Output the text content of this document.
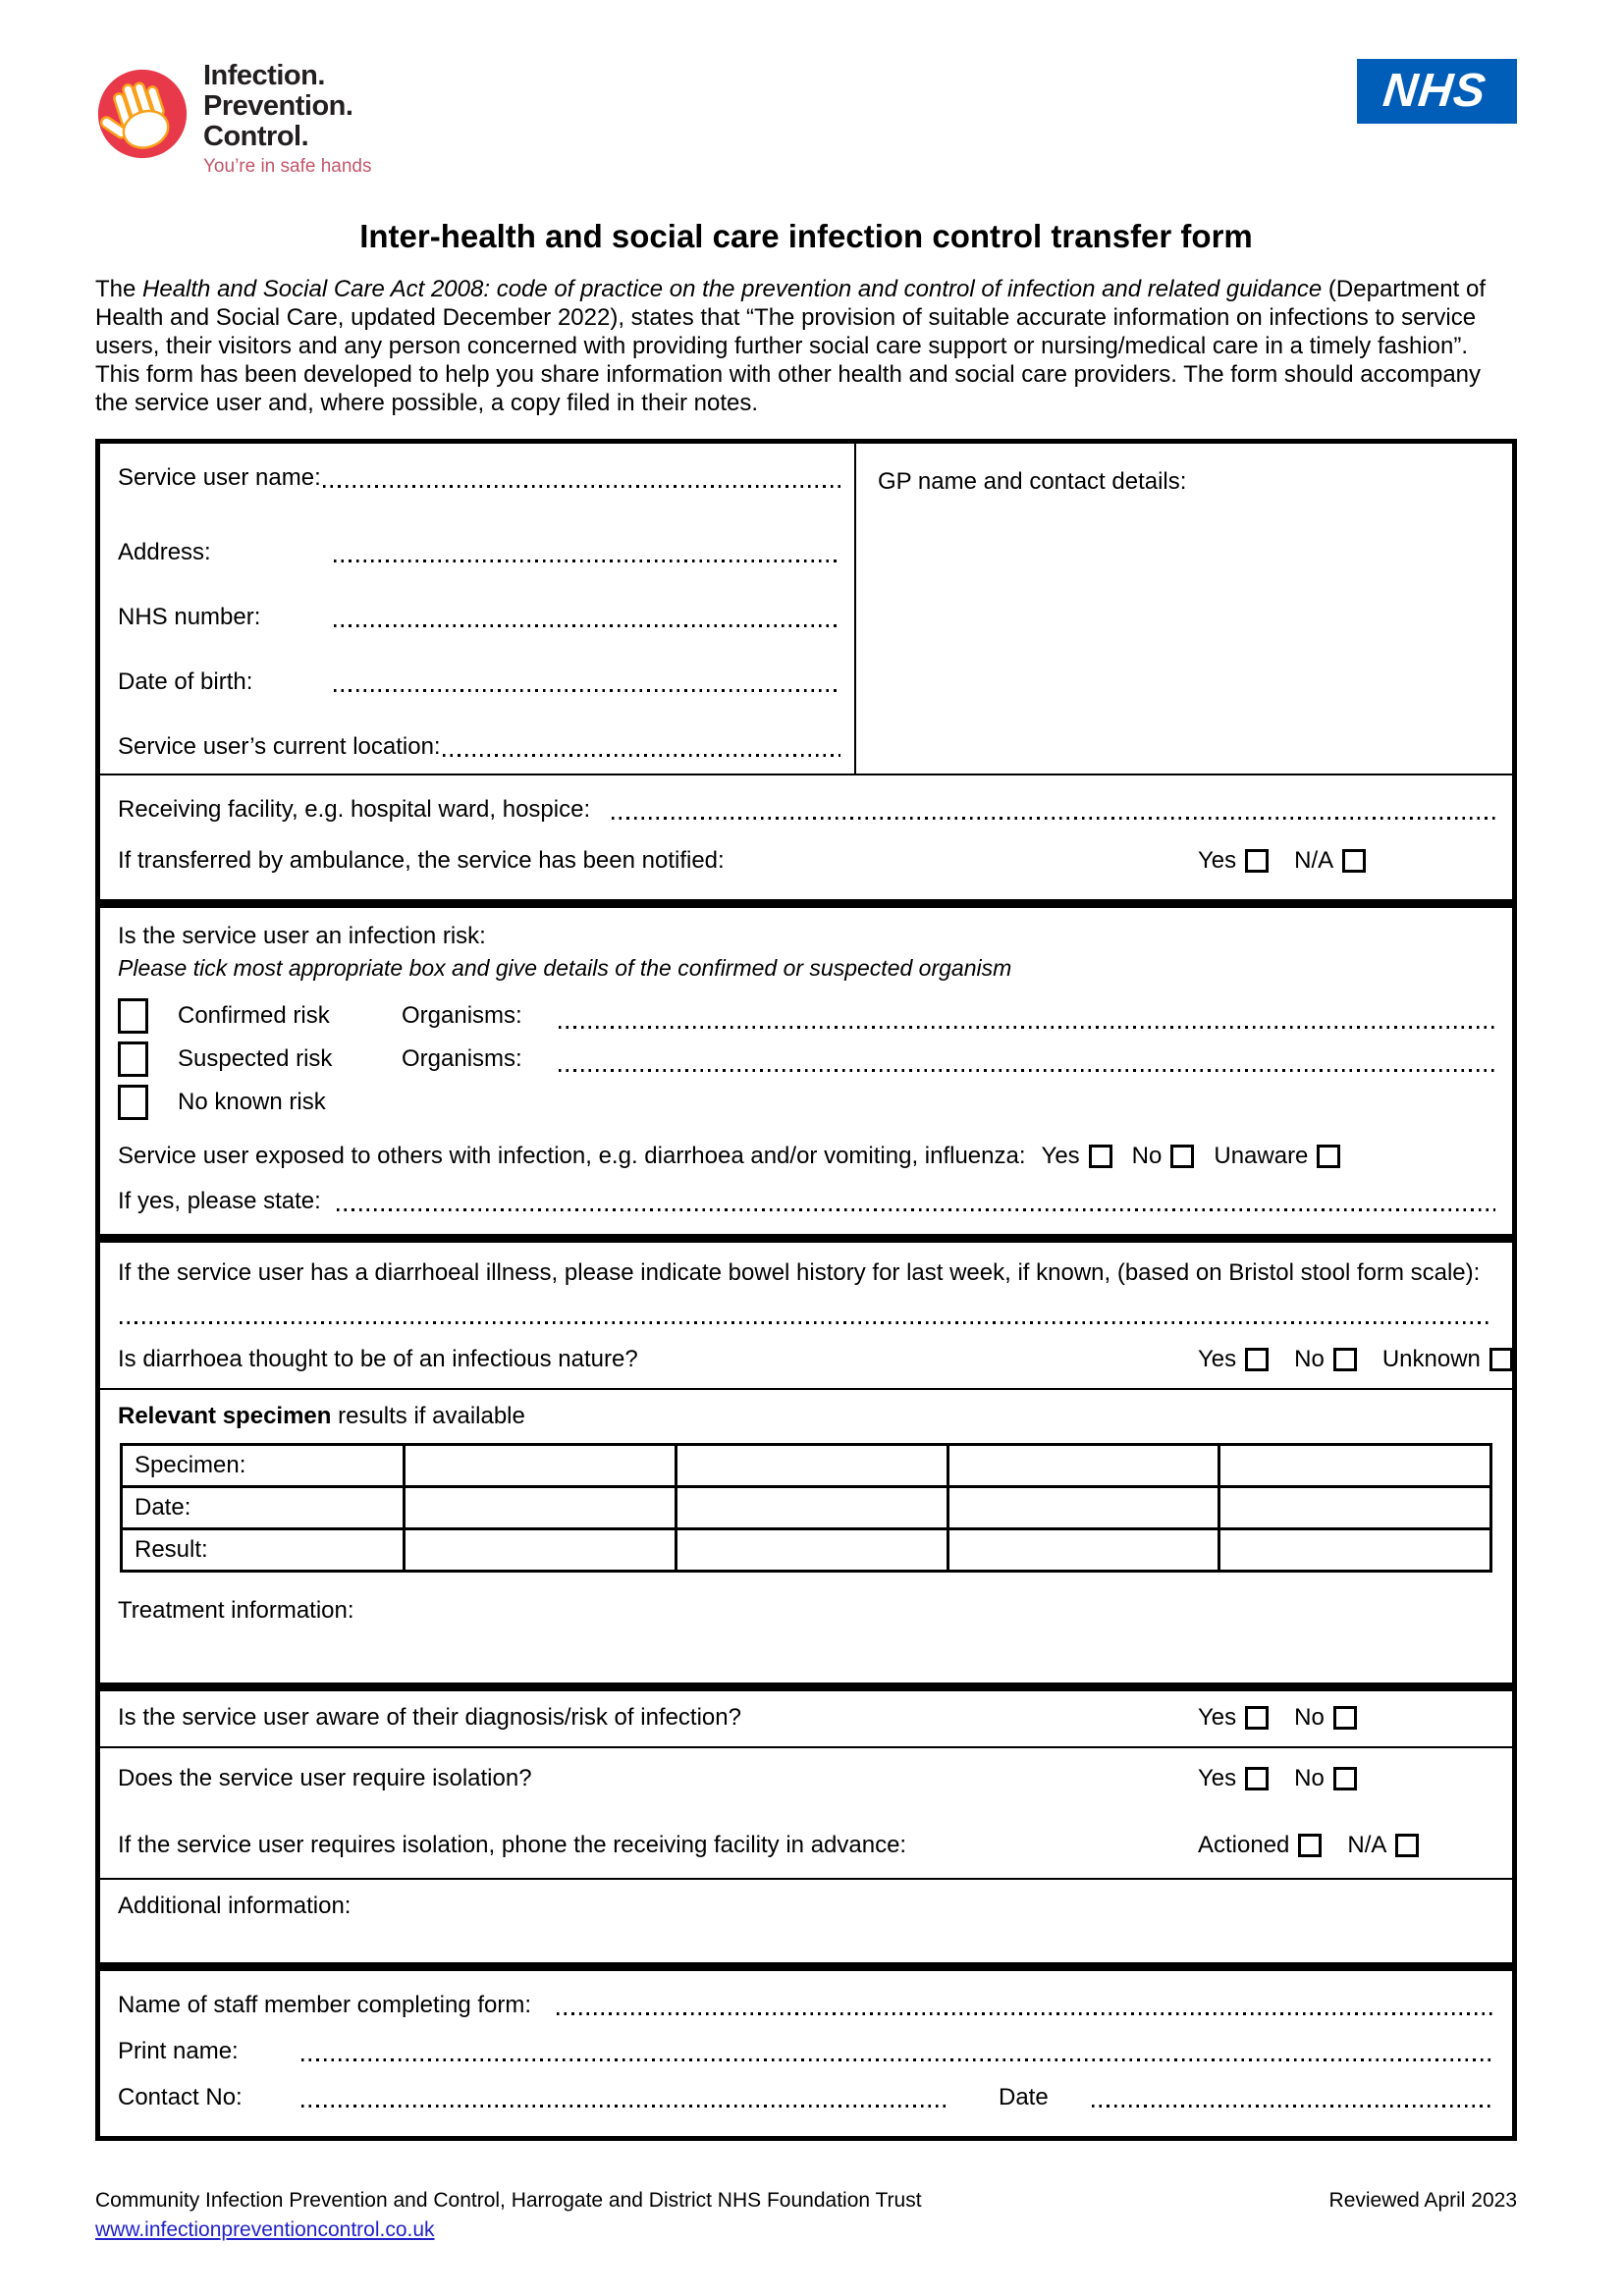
Infection.
Prevention.
Control.
You’re in safe hands
NHS
Inter-health and social care infection control transfer form

The Health and Social Care Act 2008: code of practice on the prevention and control of infection and related guidance (Department of Health and Social Care, updated December 2022), states that “The provision of suitable accurate information on infections to service users, their visitors and any person concerned with providing further social care support or nursing/medical care in a timely fashion”. This form has been developed to help you share information with other health and social care providers. The form should accompany the service user and, where possible, a copy filed in their notes.

Service user name:
Address:
NHS number:
Date of birth:
Service user’s current location:
GP name and contact details:
Receiving facility, e.g. hospital ward, hospice:
If transferred by ambulance, the service has been notified:	Yes N/A
Is the service user an infection risk:
Please tick most appropriate box and give details of the confirmed or suspected organism
Confirmed risk	Organisms:
Suspected risk	Organisms:
No known risk
Service user exposed to others with infection, e.g. diarrhoea and/or vomiting, influenza: Yes No Unaware
If yes, please state:
If the service user has a diarrhoeal illness, please indicate bowel history for last week, if known, (based on Bristol stool form scale):
Is diarrhoea thought to be of an infectious nature?	Yes No Unknown
Relevant specimen results if available
Specimen:				
Date:				
Result:				
Treatment information:
Is the service user aware of their diagnosis/risk of infection?	Yes No
Does the service user require isolation?	Yes No
If the service user requires isolation, phone the receiving facility in advance:	Actioned N/A
Additional information:
Name of staff member completing form:
Print name:
Contact No:	Date
Community Infection Prevention and Control, Harrogate and District NHS Foundation Trust	Reviewed April 2023
www.infectionpreventioncontrol.co.uk
